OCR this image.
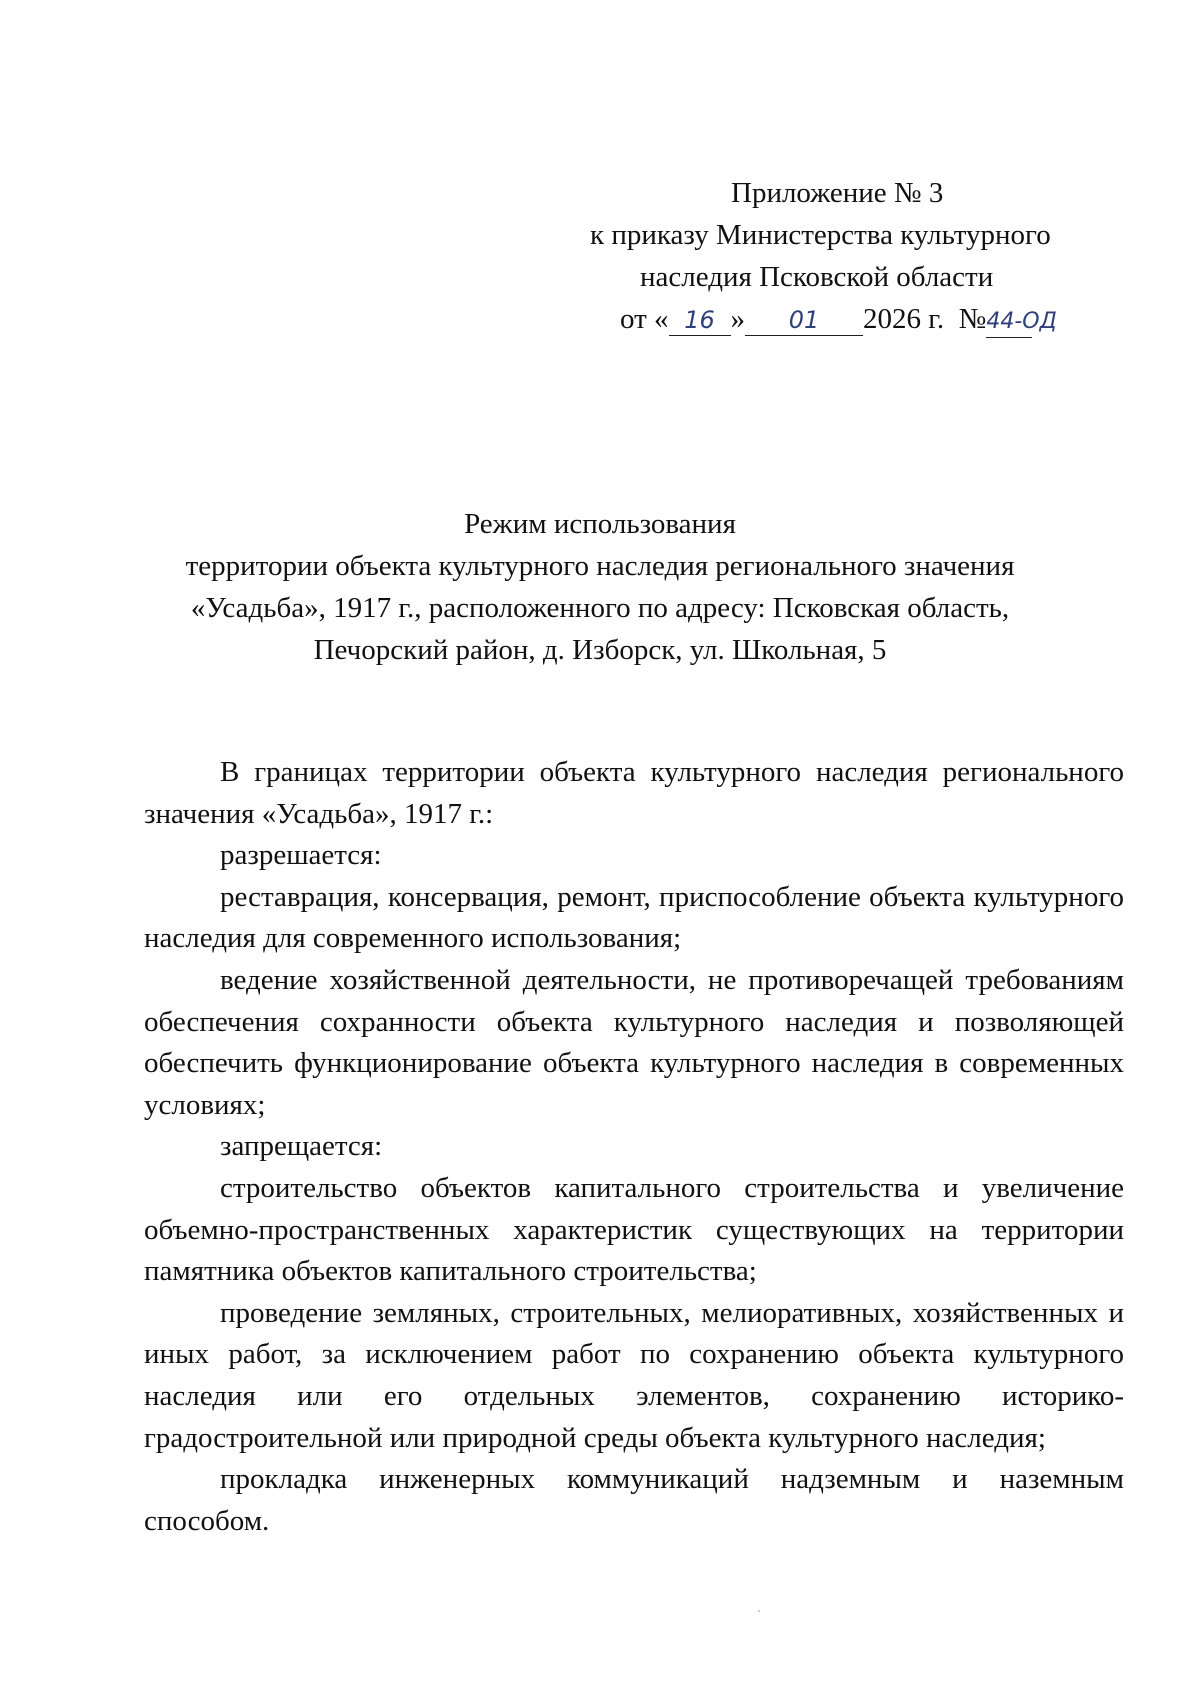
Приложение № 3
к приказу Министерства культурного
наследия Псковской области
от « 16 » 01 2026 г. №44-ОД
Режим использования
территории объекта культурного наследия регионального значения
«Усадьба», 1917 г., расположенного по адресу: Псковская область,
Печорский район, д. Изборск, ул. Школьная, 5

В границах территории объекта культурного наследия регионального значения «Усадьба», 1917 г.:

разрешается:

реставрация, консервация, ремонт, приспособление объекта культурного наследия для современного использования;

ведение хозяйственной деятельности, не противоречащей требованиям обеспечения сохранности объекта культурного наследия и позволяющей обеспечить функционирование объекта культурного наследия в современных условиях;

запрещается:

строительство объектов капитального строительства и увеличение объемно-пространственных характеристик существующих на территории памятника объектов капитального строительства;

проведение земляных, строительных, мелиоративных, хозяйственных и иных работ, за исключением работ по сохранению объекта культурного наследия или его отдельных элементов, сохранению историко-градостроительной или природной среды объекта культурного наследия;

прокладка инженерных коммуникаций надземным и наземным способом.
